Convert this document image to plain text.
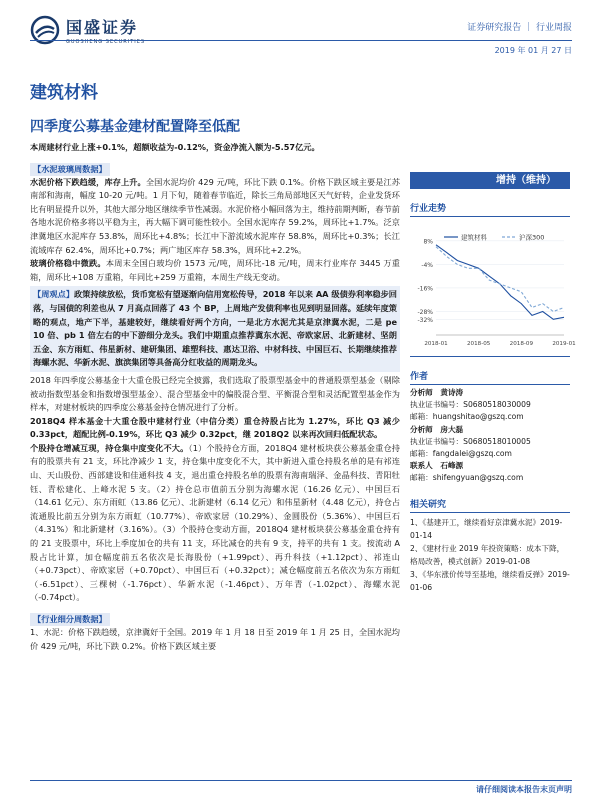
国盛证券
GUOSHENG SECURITIES
证券研究报告 ｜ 行业周报
2019 年 01 月 27 日
建筑材料
四季度公募基金建材配置降至低配
本周建材行业上涨+0.1%，超额收益为-0.12%，资金净流入额为-5.57亿元。
【水泥玻璃周数据】
水泥价格下跌趋缓，库存上升。全国水泥均价 429 元/吨，环比下跌 0.1%。价格下跌区域主要是江苏南部和海南，幅度 10-20 元/吨。1 月下旬，随着春节临近，除长三角局部地区天气好转，企业发货环比有明显提升以外，其他大部分地区继续季节性减弱。水泥价格小幅回落为主，维持前期判断，春节前各地水泥价格多将以平稳为主，再大幅下调可能性较小。全国水泥库存 59.2%，周环比+1.7%。泛京津冀地区水泥库存 53.8%，周环比+4.8%；长江中下游流域水泥库存 58.8%，周环比+0.3%；长江流域库存 62.4%，周环比+0.7%；两广地区库存 58.3%，周环比+2.2%。
玻璃价格稳中微跌。本周末全国白玻均价 1573 元/吨，周环比-18 元/吨，周末行业库存 3445 万重箱，周环比+108 万重箱，年同比+259 万重箱，本周生产线无变动。
【周观点】政策持续放松，货币宽松有望逐渐向信用宽松传导，2018 年以来 AA 级债券利率稳步回落，与国债的利差也从 7 月高点回落了 43 个 BP，上周地产发债利率也见到明显回落。延续年度策略的观点，地产下半，基建较好，继续看好两个方向，一是北方水泥尤其是京津冀水泥，二是 pe 10 倍、pb 1 倍左右的中下游细分龙头。我们中期重点推荐冀东水泥、帝欧家居、北新建材、坚朗五金、东方雨虹、伟星新材、建研集团、雄塑科技、惠达卫浴、中材科技、中国巨石、长期继续推荐海螺水泥、华新水泥、旗滨集团等具备高分红收益的周期龙头。
2018 年四季度公募基金十大重仓股已经完全披露，我们选取了股票型基金中的普通股票型基金（剔除被动指数型基金和指数增强型基金）、混合型基金中的偏股混合型、平衡混合型和灵活配置型基金作为样本，对建材板块的四季度公募基金持仓情况进行了分析。
2018Q4 样本基金十大重仓股中建材行业（中信分类）重仓持股占比为 1.27%，环比 Q3 减少 0.33pct，超配比例-0.19%，环比 Q3 减少 0.32pct，继 2018Q2 以来再次回归低配状态。
个股持仓增减互现，持仓集中度变化不大。（1）个股持仓方面，2018Q4 建材板块获公募基金重仓持有的股票共有 21 支，环比净减少 1 支，持仓集中度变化不大，其中新进入重仓持股名单的是有祁连山、天山股份、西部建设和佳通科技 4 支，退出重仓持股名单的股票有海南瑞泽、金晶科技、青阳牡钰、青松建化、上峰水泥 5 支。（2）持仓总市值前五分别为海螺水泥（16.26 亿元）、中国巨石（14.61 亿元）、东方雨虹（13.86 亿元）、北新建材（6.14 亿元）和伟星新材（4.48 亿元），持仓占流通股比前五分别为东方雨虹（10.77%）、帝欧家居（10.29%）、金圆股份（5.36%）、中国巨石（4.31%）和北新建材（3.16%）。（3）个股持仓变动方面，2018Q4 建材板块获公募基金重仓持有的 21 支股票中，环比上季度加仓的共有 11 支，环比减仓的共有 9 支，持平的共有 1 支。按流动 A 股占比计算，加仓幅度前五名依次是长海股份（+1.99pct）、再升科技（+1.12pct）、祁连山（+0.73pct）、帝欧家居（+0.70pct）、中国巨石（+0.32pct）；减仓幅度前五名依次为东方雨虹（-6.51pct）、三棵树（-1.76pct）、华新水泥（-1.46pct）、万年青（-1.02pct）、海螺水泥（-0.74pct）。
【行业细分周数据】
1、水泥：价格下跌趋缓，京津冀好于全国。2019 年 1 月 18 日至 2019 年 1 月 25 日，全国水泥均价 429 元/吨，环比下跌 0.2%。价格下跌区域主要
增持（维持）
行业走势
8%
-4%
-16%
-28%
-32%
2018-01	2018-05	2018-09	2019-01
建筑材料	沪深300
作者
分析师　 黄诗涛
执业证书编号：S0680518030009
邮箱：huangshitao@gszq.com
分析师　 房大磊
执业证书编号：S0680518010005
邮箱：fangdalei@gszq.com
联系人　 石峰源
邮箱：shifengyuan@gszq.com
相关研究
1、《基建开工，继续看好京津冀水泥》2019-01-14
2、《建材行业 2019 年投资策略：成本下降，格局改善，模式创新》2019-01-08
3、《华东涨价传导至基地，继续看反弹》2019-01-06
请仔细阅读本报告末页声明
